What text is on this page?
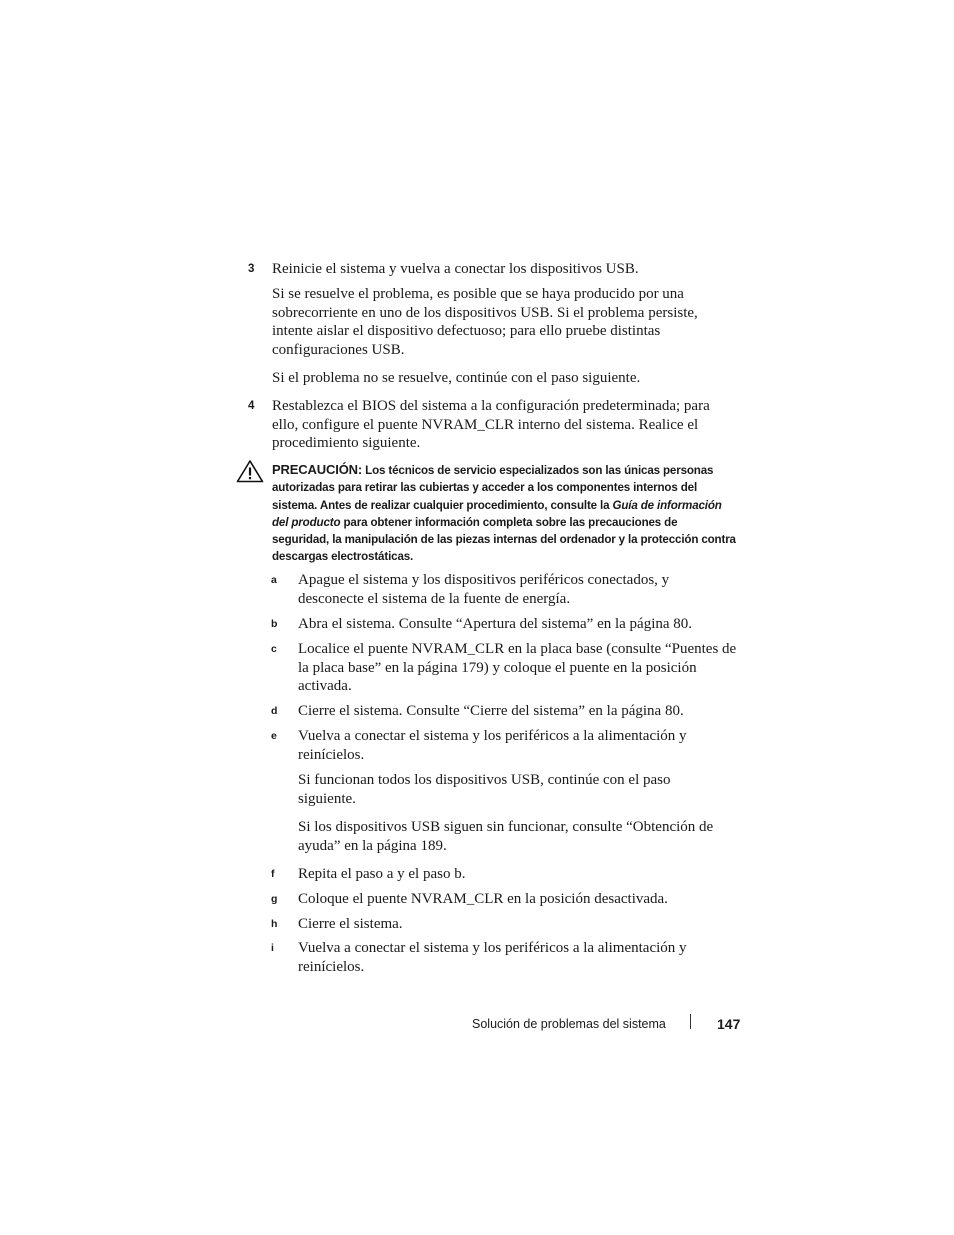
3 Reinicie el sistema y vuelva a conectar los dispositivos USB.
Si se resuelve el problema, es posible que se haya producido por una sobrecorriente en uno de los dispositivos USB. Si el problema persiste, intente aislar el dispositivo defectuoso; para ello pruebe distintas configuraciones USB.
Si el problema no se resuelve, continúe con el paso siguiente.
4 Restablezca el BIOS del sistema a la configuración predeterminada; para ello, configure el puente NVRAM_CLR interno del sistema. Realice el procedimiento siguiente.
PRECAUCIÓN: Los técnicos de servicio especializados son las únicas personas autorizadas para retirar las cubiertas y acceder a los componentes internos del sistema. Antes de realizar cualquier procedimiento, consulte la Guía de información del producto para obtener información completa sobre las precauciones de seguridad, la manipulación de las piezas internas del ordenador y la protección contra descargas electrostáticas.
a Apague el sistema y los dispositivos periféricos conectados, y desconecte el sistema de la fuente de energía.
b Abra el sistema. Consulte “Apertura del sistema” en la página 80.
c Localice el puente NVRAM_CLR en la placa base (consulte “Puentes de la placa base” en la página 179) y coloque el puente en la posición activada.
d Cierre el sistema. Consulte “Cierre del sistema” en la página 80.
e Vuelva a conectar el sistema y los periféricos a la alimentación y reinícielos.
Si funcionan todos los dispositivos USB, continúe con el paso siguiente.
Si los dispositivos USB siguen sin funcionar, consulte “Obtención de ayuda” en la página 189.
f Repita el paso a y el paso b.
g Coloque el puente NVRAM_CLR en la posición desactivada.
h Cierre el sistema.
i Vuelva a conectar el sistema y los periféricos a la alimentación y reinícielos.
Solución de problemas del sistema	147
